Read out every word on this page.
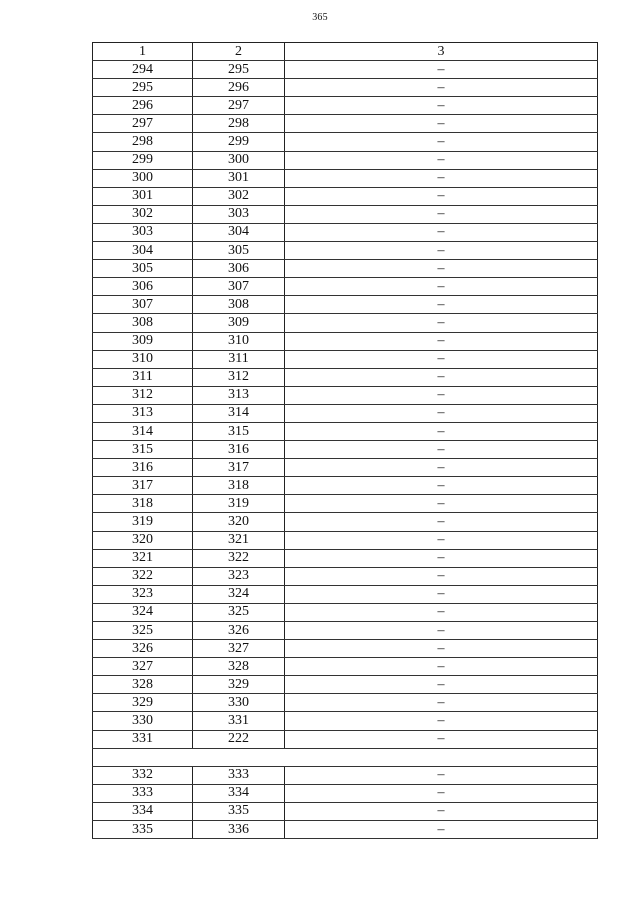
365
1	2	3
294	295	–
295	296	–
296	297	–
297	298	–
298	299	–
299	300	–
300	301	–
301	302	–
302	303	–
303	304	–
304	305	–
305	306	–
306	307	–
307	308	–
308	309	–
309	310	–
310	311	–
311	312	–
312	313	–
313	314	–
314	315	–
315	316	–
316	317	–
317	318	–
318	319	–
319	320	–
320	321	–
321	322	–
322	323	–
323	324	–
324	325	–
325	326	–
326	327	–
327	328	–
328	329	–
329	330	–
330	331	–
331	222	–

332	333	–
333	334	–
334	335	–
335	336	–
